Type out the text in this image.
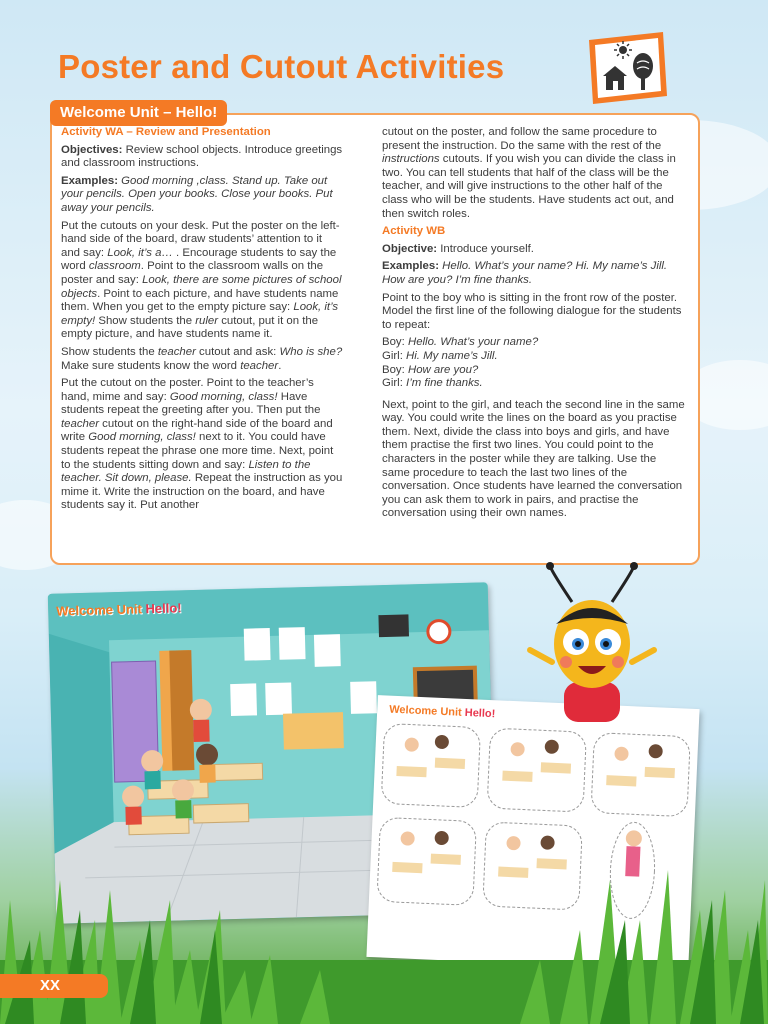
Poster and Cutout Activities
Welcome Unit – Hello!
Activity WA – Review and Presentation

Objectives: Review school objects. Introduce greetings and classroom instructions.

Examples: Good morning ,class. Stand up. Take out your pencils. Open your books. Close your books. Put away your pencils.

Put the cutouts on your desk. Put the poster on the left-hand side of the board, draw students’ attention to it and say: Look, it’s a… . Encourage students to say the word classroom. Point to the classroom walls on the poster and say: Look, there are some pictures of school objects. Point to each picture, and have students name them. When you get to the empty picture say: Look, it’s empty! Show students the ruler cutout, put it on the empty picture, and have students name it.

Show students the teacher cutout and ask: Who is she? Make sure students know the word teacher.

Put the cutout on the poster. Point to the teacher’s hand, mime and say: Good morning, class! Have students repeat the greeting after you. Then put the teacher cutout on the right-hand side of the board and write Good morning, class! next to it. You could have students repeat the phrase one more time. Next, point to the students sitting down and say: Listen to the teacher. Sit down, please. Repeat the instruction as you mime it. Write the instruction on the board, and have students say it. Put another

cutout on the poster, and follow the same procedure to present the instruction. Do the same with the rest of the instructions cutouts. If you wish you can divide the class in two. You can tell students that half of the class will be the teacher, and will give instructions to the other half of the class who will be the students. Have students act out, and then switch roles.

Activity WB

Objective: Introduce yourself.

Examples: Hello. What’s your name? Hi. My name’s Jill. How are you? I’m fine thanks.

Point to the boy who is sitting in the front row of the poster. Model the first line of the following dialogue for the students to repeat:

Boy: Hello. What’s your name?
Girl: Hi. My name’s Jill.
Boy: How are you?
Girl: I’m fine thanks.

Next, point to the girl, and teach the second line in the same way. You could write the lines on the board as you practise them. Next, divide the class into boys and girls, and have them practise the first two lines. You could point to the characters in the poster while they are talking. Use the same procedure to teach the last two lines of the conversation. Once students have learned the conversation you can ask them to work in pairs, and practise the conversation using their own names.

Welcome Unit Hello!
Welcome Unit Hello!
XX
